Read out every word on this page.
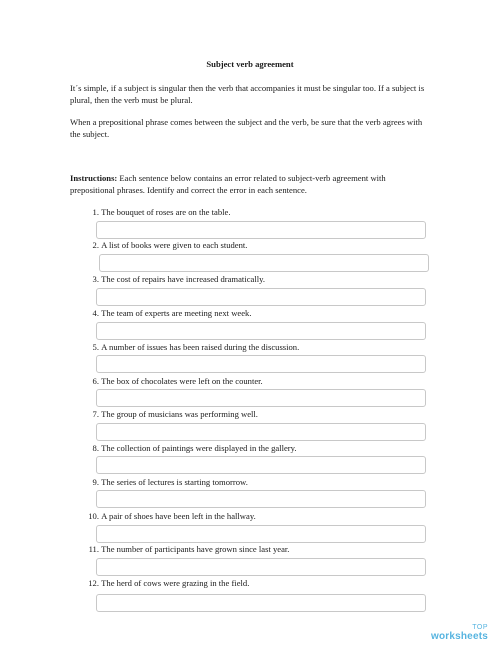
Subject verb agreement
It´s simple, if a subject is singular then the verb that accompanies it must be singular too. If a subject is plural, then the verb must be plural.
When a prepositional phrase comes between the subject and the verb, be sure that the verb agrees with the subject.
Instructions: Each sentence below contains an error related to subject-verb agreement with prepositional phrases. Identify and correct the error in each sentence.
1. The bouquet of roses are on the table.
2. A list of books were given to each student.
3. The cost of repairs have increased dramatically.
4. The team of experts are meeting next week.
5. A number of issues has been raised during the discussion.
6. The box of chocolates were left on the counter.
7. The group of musicians was performing well.
8. The collection of paintings were displayed in the gallery.
9. The series of lectures is starting tomorrow.
10. A pair of shoes have been left in the hallway.
11. The number of participants have grown since last year.
12. The herd of cows were grazing in the field.
TOP
worksheets
